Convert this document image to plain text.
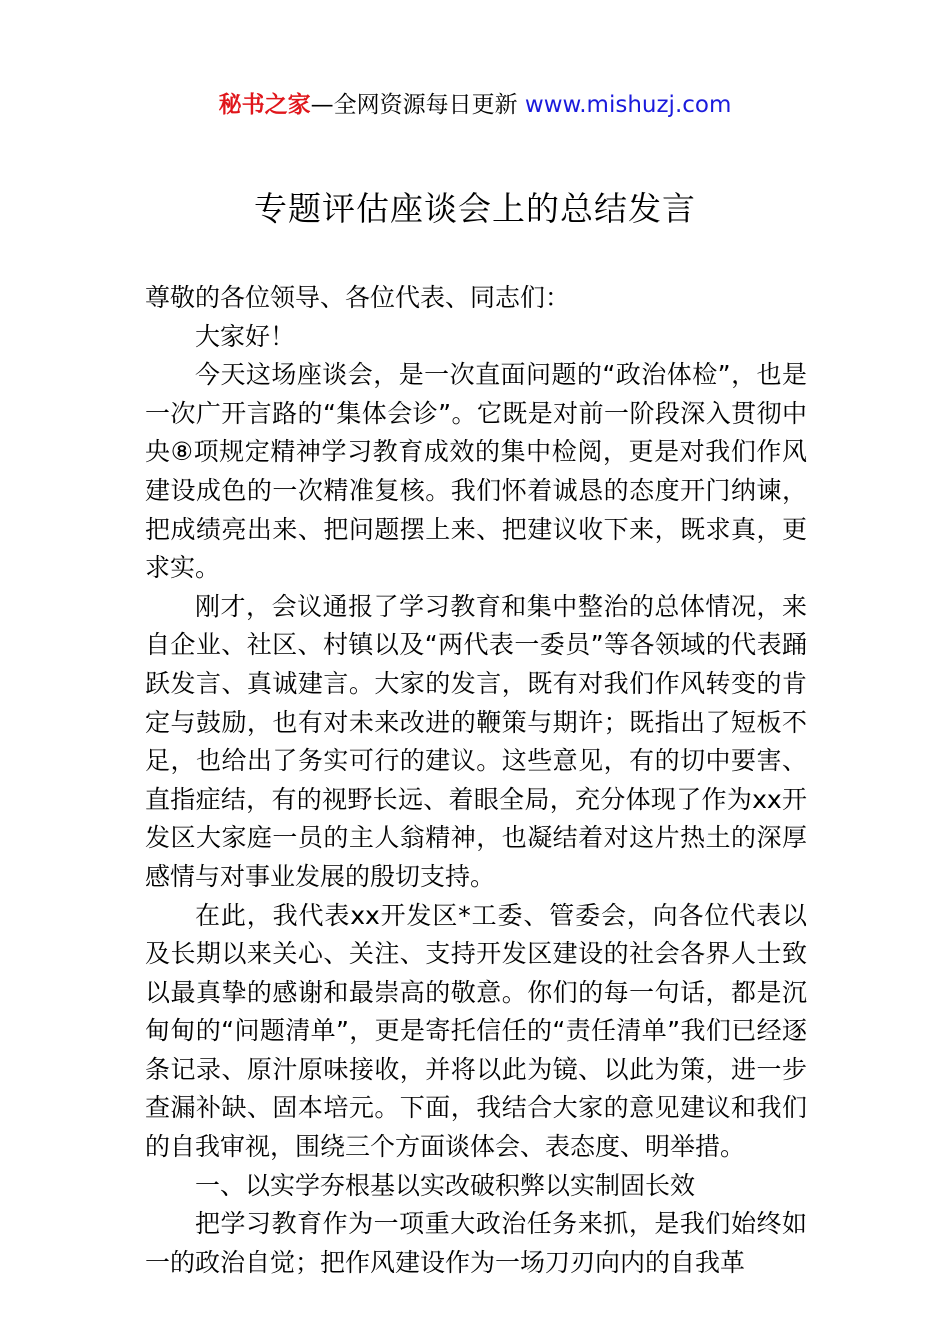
秘书之家—全网资源每日更新 www.mishuzj.com
专题评估座谈会上的总结发言

尊敬的各位领导、各位代表、同志们：

大家好！

今天这场座谈会，是一次直面问题的“政治体检”，也是一次广开言路的“集体会诊”。它既是对前一阶段深入贯彻中央⑧项规定精神学习教育成效的集中检阅，更是对我们作风建设成色的一次精准复核。我们怀着诚恳的态度开门纳谏，把成绩亮出来、把问题摆上来、把建议收下来，既求真，更求实。

刚才，会议通报了学习教育和集中整治的总体情况，来自企业、社区、村镇以及“两代表一委员”等各领域的代表踊跃发言、真诚建言。大家的发言，既有对我们作风转变的肯定与鼓励，也有对未来改进的鞭策与期许；既指出了短板不足，也给出了务实可行的建议。这些意见，有的切中要害、直指症结，有的视野长远、着眼全局，充分体现了作为xx开发区大家庭一员的主人翁精神，也凝结着对这片热土的深厚感情与对事业发展的殷切支持。

在此，我代表xx开发区*工委、管委会，向各位代表以及长期以来关心、关注、支持开发区建设的社会各界人士致以最真挚的感谢和最崇高的敬意。你们的每一句话，都是沉甸甸的“问题清单”，更是寄托信任的“责任清单”我们已经逐条记录、原汁原味接收，并将以此为镜、以此为策，进一步查漏补缺、固本培元。下面，我结合大家的意见建议和我们的自我审视，围绕三个方面谈体会、表态度、明举措。

一、以实学夯根基以实改破积弊以实制固长效

把学习教育作为一项重大政治任务来抓，是我们始终如一的政治自觉；把作风建设作为一场刀刃向内的自我革
